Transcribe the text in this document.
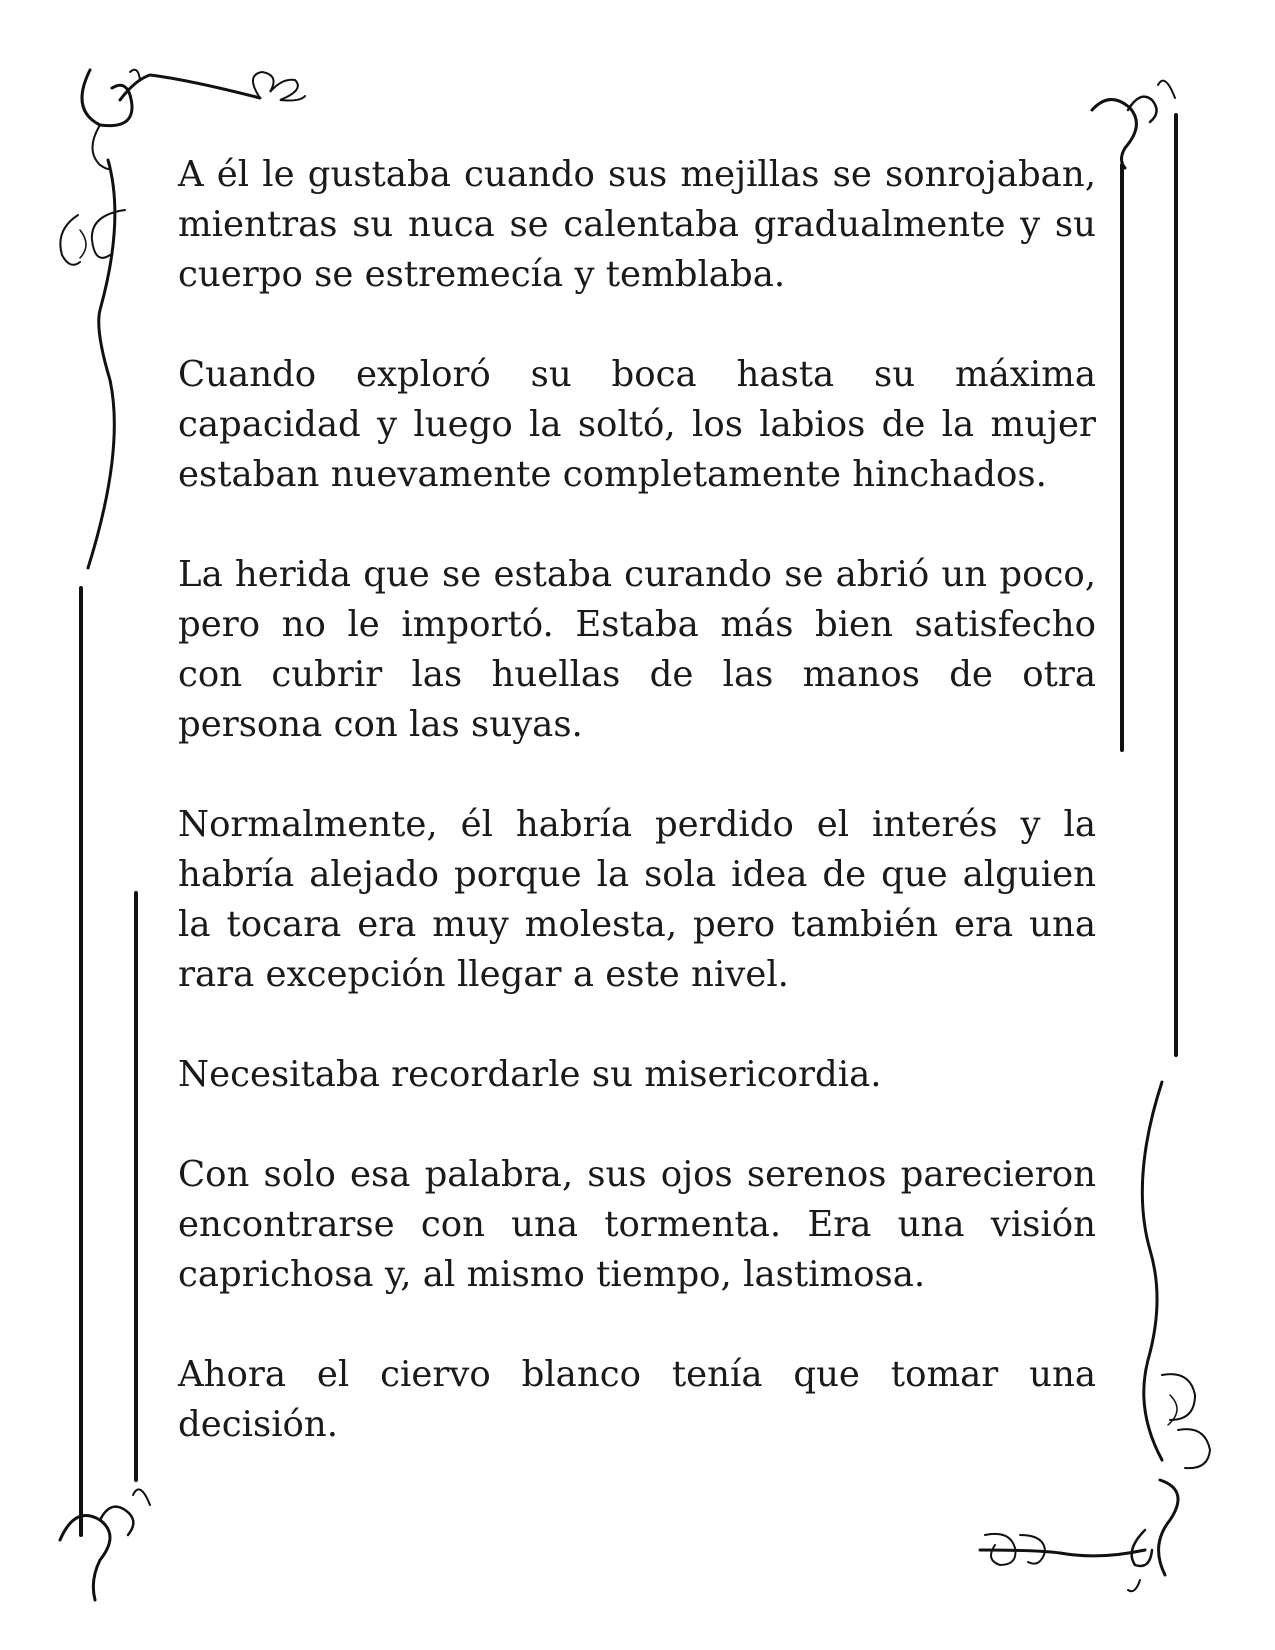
A él le gustaba cuando sus mejillas se sonrojaban, mientras su nuca se calentaba gradualmente y su cuerpo se estremecía y temblaba.

Cuando exploró su boca hasta su máxima capacidad y luego la soltó, los labios de la mujer estaban nuevamente completamente hinchados.

La herida que se estaba curando se abrió un poco, pero no le importó. Estaba más bien satisfecho con cubrir las huellas de las manos de otra persona con las suyas.

Normalmente, él habría perdido el interés y la habría alejado porque la sola idea de que alguien la tocara era muy molesta, pero también era una rara excepción llegar a este nivel.

Necesitaba recordarle su misericordia.

Con solo esa palabra, sus ojos serenos parecieron encontrarse con una tormenta. Era una visión caprichosa y, al mismo tiempo, lastimosa.

Ahora el ciervo blanco tenía que tomar una decisión.
